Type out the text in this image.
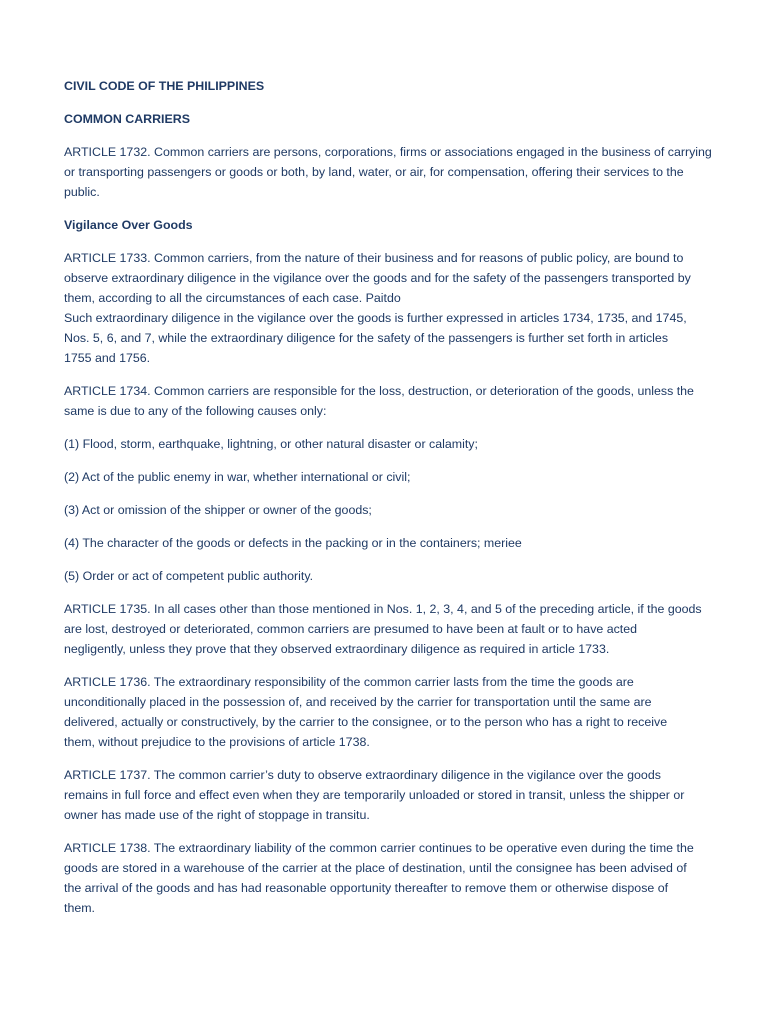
CIVIL CODE OF THE PHILIPPINES

COMMON CARRIERS

ARTICLE 1732. Common carriers are persons, corporations, firms or associations engaged in the business of carrying
or transporting passengers or goods or both, by land, water, or air, for compensation, offering their services to the
public.

Vigilance Over Goods

ARTICLE 1733. Common carriers, from the nature of their business and for reasons of public policy, are bound to
observe extraordinary diligence in the vigilance over the goods and for the safety of the passengers transported by
them, according to all the circumstances of each case. Paitdo
Such extraordinary diligence in the vigilance over the goods is further expressed in articles 1734, 1735, and 1745,
Nos. 5, 6, and 7, while the extraordinary diligence for the safety of the passengers is further set forth in articles
1755 and 1756.

ARTICLE 1734. Common carriers are responsible for the loss, destruction, or deterioration of the goods, unless the
same is due to any of the following causes only:

(1) Flood, storm, earthquake, lightning, or other natural disaster or calamity;

(2) Act of the public enemy in war, whether international or civil;

(3) Act or omission of the shipper or owner of the goods;

(4) The character of the goods or defects in the packing or in the containers; meriee

(5) Order or act of competent public authority.

ARTICLE 1735. In all cases other than those mentioned in Nos. 1, 2, 3, 4, and 5 of the preceding article, if the goods
are lost, destroyed or deteriorated, common carriers are presumed to have been at fault or to have acted
negligently, unless they prove that they observed extraordinary diligence as required in article 1733.

ARTICLE 1736. The extraordinary responsibility of the common carrier lasts from the time the goods are
unconditionally placed in the possession of, and received by the carrier for transportation until the same are
delivered, actually or constructively, by the carrier to the consignee, or to the person who has a right to receive
them, without prejudice to the provisions of article 1738.

ARTICLE 1737. The common carrier’s duty to observe extraordinary diligence in the vigilance over the goods
remains in full force and effect even when they are temporarily unloaded or stored in transit, unless the shipper or
owner has made use of the right of stoppage in transitu.

ARTICLE 1738. The extraordinary liability of the common carrier continues to be operative even during the time the
goods are stored in a warehouse of the carrier at the place of destination, until the consignee has been advised of
the arrival of the goods and has had reasonable opportunity thereafter to remove them or otherwise dispose of
them.
